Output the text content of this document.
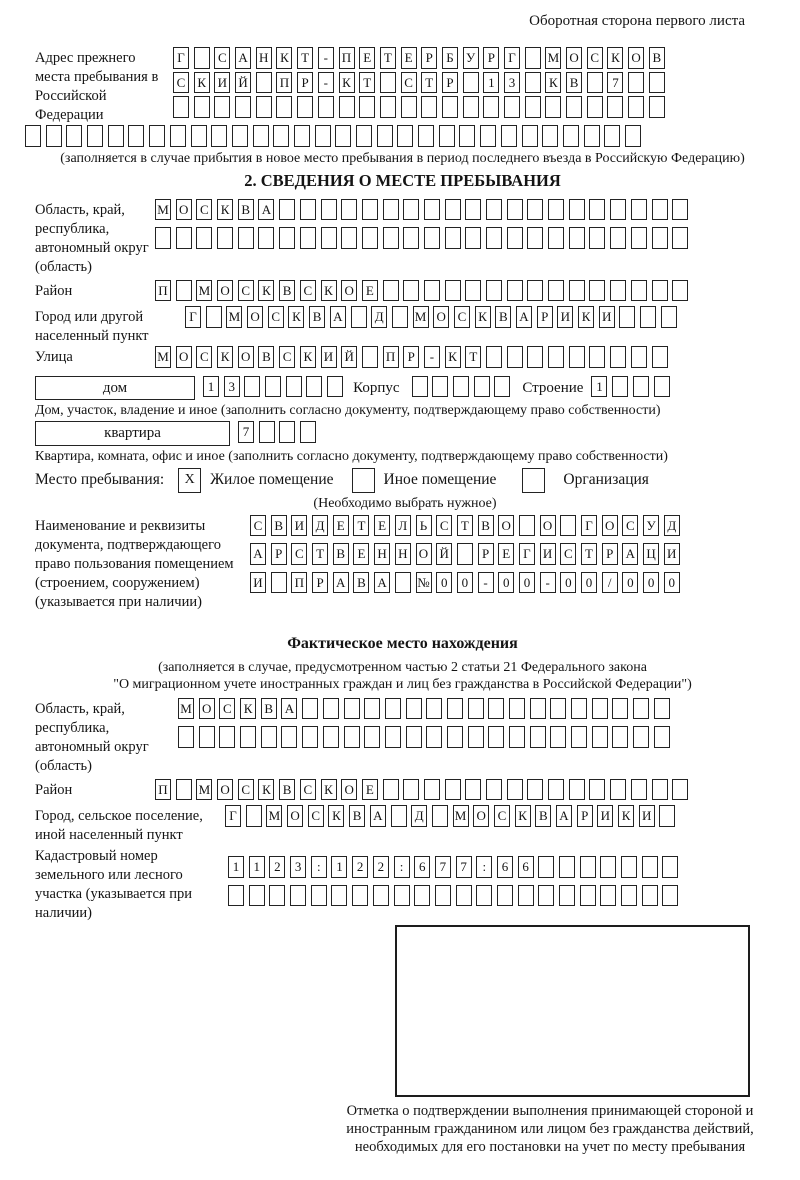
Оборотная сторона первого листа
Адрес прежнего места пребывания в Российской Федерации
Г	С А Н К Т	-	П Е Т Е	Р	Б У Р	Г	М О С К О В
С К И Й П Р	-	К Т	С Т	Р	1	3	К В	7
(заполняется в случае прибытия в новое место пребывания в период последнего въезда в Российскую Федерацию)
2. СВЕДЕНИЯ О МЕСТЕ ПРЕБЫВАНИЯ
Область, край, республика, автономный округ (область)
М О С К В А
Район	П М О С К В С К О Е
Город или другой населенный пункт
Г	М О С К В А Д М О С К В А Р И К И
Улица	М О С К О В С К И Й П Р	-	К Т
дом	1	3	Корпус	Строение 1
Дом, участок, владение и иное (заполнить согласно документу, подтверждающему право собственности)
квартира	7
Квартира, комната, офис и иное (заполнить согласно документу, подтверждающему право собственности)
Место пребывания:	X Жилое помещение	Иное помещение	Организация
(Необходимо выбрать нужное)
Наименование и реквизиты документа, подтверждающего право пользования помещением (строением, сооружением) (указывается при наличии)
С В И Д Е Т Е Л Ь С Т В О О	Г О С У Д
А Р С Т В Е Н Н О Й	Р	Е Г И С Т	Р А Ц И
И П Р А В А № 0	0	-	0	0	-	0	0	/	0	0	0
Фактическое место нахождения
(заполняется в случае, предусмотренном частью 2 статьи 21 Федерального закона
"О миграционном учете иностранных граждан и лиц без гражданства в Российской Федерации")
Область, край, республика, автономный округ (область)
М О С К В А
Район	П М О С К В С К О Е
Город, сельское поселение, иной населенный пункт
Г	М О С К В А Д М О С К В А Р И К И
Кадастровый номер земельного или лесного участка (указывается при наличии)
1	1	2	3	:	1	2	2	:	6	7	7	:	6	6
Отметка о подтверждении выполнения принимающей стороной и иностранным гражданином или лицом без гражданства действий, необходимых для его постановки на учет по месту пребывания
